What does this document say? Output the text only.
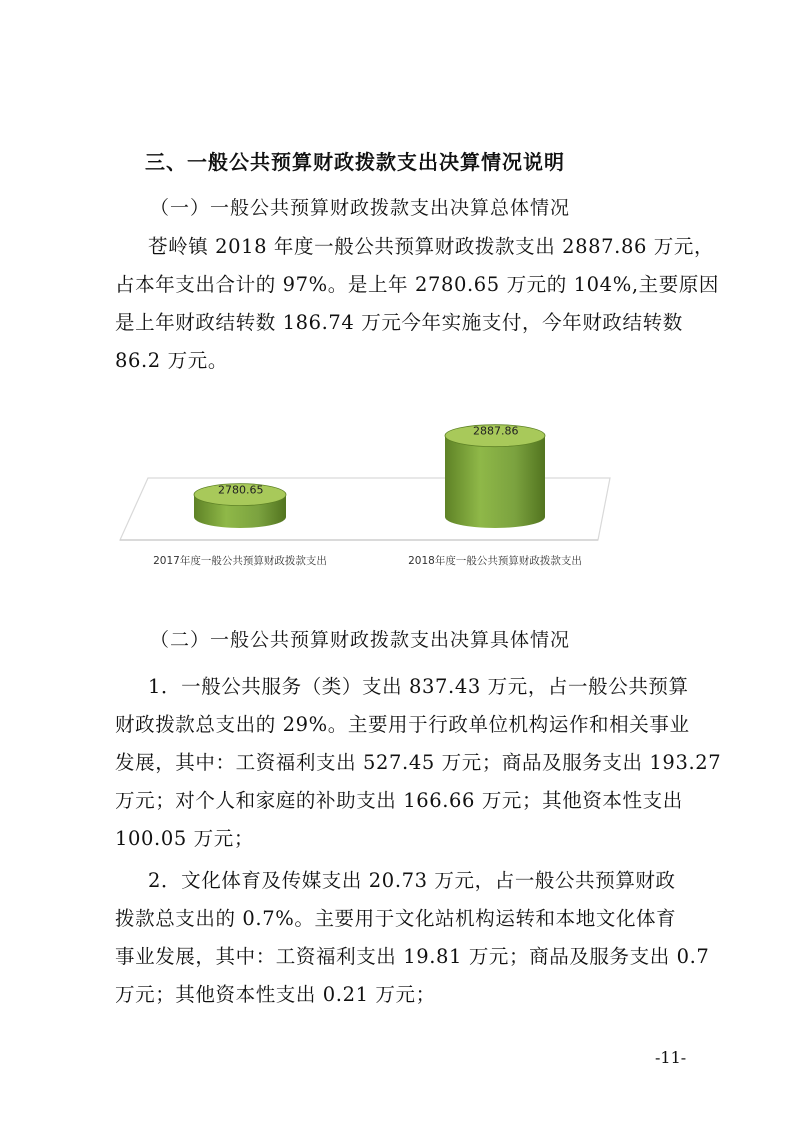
三、一般公共预算财政拨款支出决算情况说明
（一）一般公共预算财政拨款支出决算总体情况
苍岭镇 2018 年度一般公共预算财政拨款支出 2887.86 万元，
占本年支出合计的 97%。是上年 2780.65 万元的 104%,主要原因
是上年财政结转数 186.74 万元今年实施支付，今年财政结转数
86.2 万元。
2780.65
2887.86
2017年度一般公共预算财政拨款支出	2018年度一般公共预算财政拨款支出
（二）一般公共预算财政拨款支出决算具体情况
1．一般公共服务（类）支出 837.43 万元，占一般公共预算
财政拨款总支出的 29%。主要用于行政单位机构运作和相关事业
发展，其中：工资福利支出 527.45 万元；商品及服务支出 193.27
万元；对个人和家庭的补助支出 166.66 万元；其他资本性支出
100.05 万元；
2．文化体育及传媒支出 20.73 万元，占一般公共预算财政
拨款总支出的 0.7%。主要用于文化站机构运转和本地文化体育
事业发展，其中：工资福利支出 19.81 万元；商品及服务支出 0.7
万元；其他资本性支出 0.21 万元；
-11-
